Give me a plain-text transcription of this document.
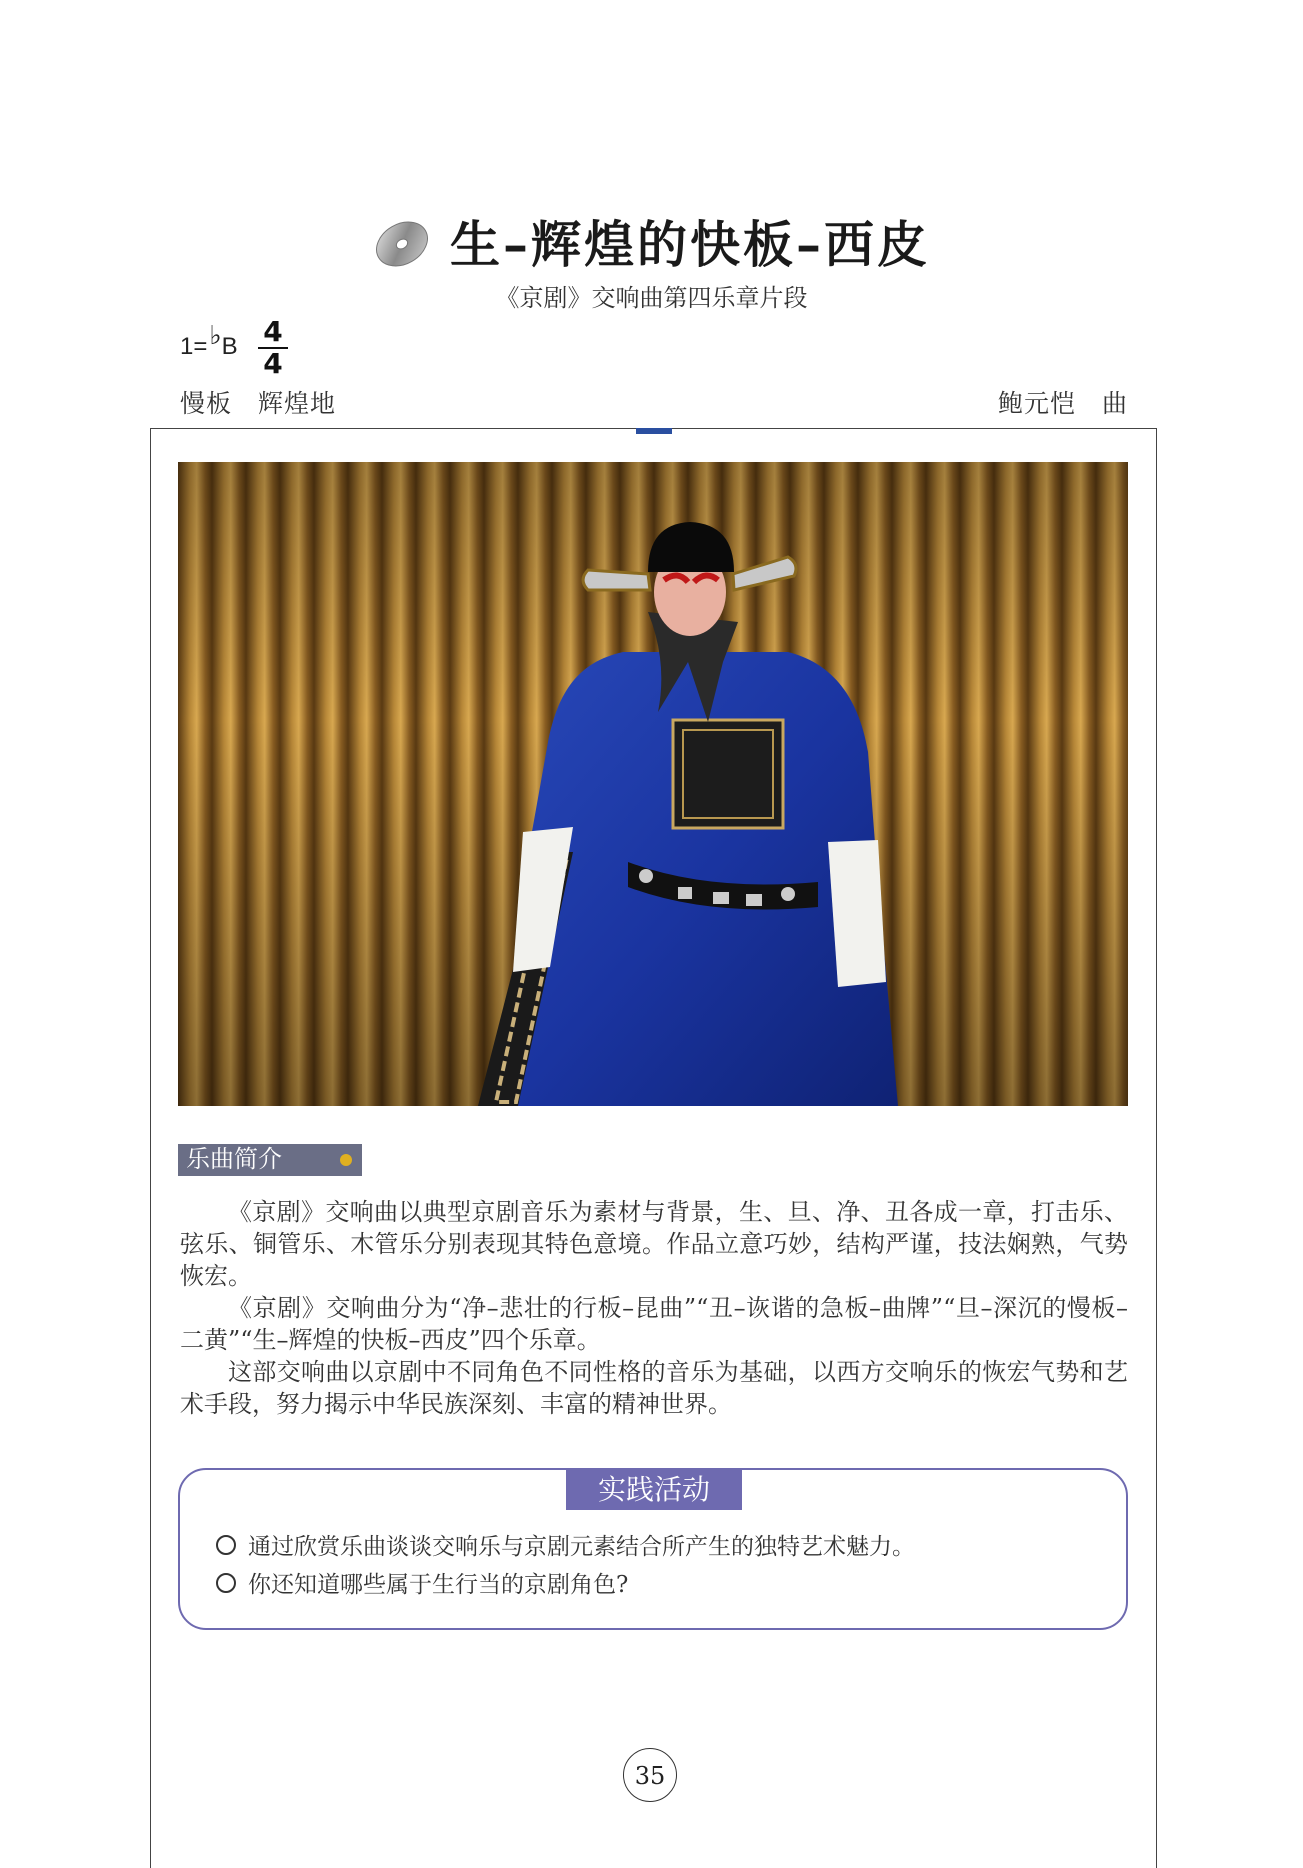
生–辉煌的快板–西皮
《京剧》交响曲第四乐章片段
1=♭B $\frac{4}{4}$
慢板　辉煌地	鲍元恺　曲
乐曲简介

《京剧》交响曲以典型京剧音乐为素材与背景，生、旦、净、丑各成一章，打击乐、弦乐、铜管乐、木管乐分别表现其特色意境。作品立意巧妙，结构严谨，技法娴熟，气势恢宏。

《京剧》交响曲分为“净–悲壮的行板–昆曲”“丑–诙谐的急板–曲牌”“旦–深沉的慢板–二黄”“生–辉煌的快板–西皮”四个乐章。

这部交响曲以京剧中不同角色不同性格的音乐为基础，以西方交响乐的恢宏气势和艺术手段，努力揭示中华民族深刻、丰富的精神世界。

实践活动
通过欣赏乐曲谈谈交响乐与京剧元素结合所产生的独特艺术魅力。
你还知道哪些属于生行当的京剧角色?
35
